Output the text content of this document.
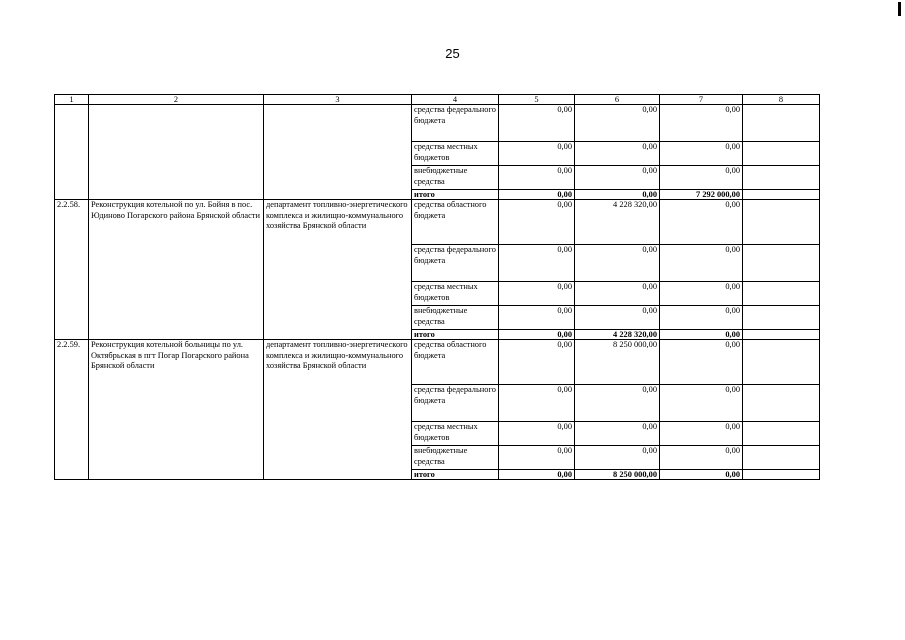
25
1	2	3	4	5	6	7	8
			средства федерального бюджета	0,00	0,00	0,00	
			средства местных бюджетов	0,00	0,00	0,00	
			внебюджетные средства	0,00	0,00	0,00	
			итого	0,00	0,00	7 292 000,00	
2.2.58.	Реконструкция котельной по ул. Бойня в пос. Юдиново Погарского района Брянской области	департамент топливно-энергетического комплекса и жилищно-коммунального хозяйства Брянской области	средства областного бюджета	0,00	4 228 320,00	0,00	
			средства федерального бюджета	0,00	0,00	0,00	
			средства местных бюджетов	0,00	0,00	0,00	
			внебюджетные средства	0,00	0,00	0,00	
			итого	0,00	4 228 320,00	0,00	
2.2.59.	Реконструкция котельной больницы по ул. Октябрьская в пгт Погар Погарского района Брянской области	департамент топливно-энергетического комплекса и жилищно-коммунального хозяйства Брянской области	средства областного бюджета	0,00	8 250 000,00	0,00	
			средства федерального бюджета	0,00	0,00	0,00	
			средства местных бюджетов	0,00	0,00	0,00	
			внебюджетные средства	0,00	0,00	0,00	
			итого	0,00	8 250 000,00	0,00	
